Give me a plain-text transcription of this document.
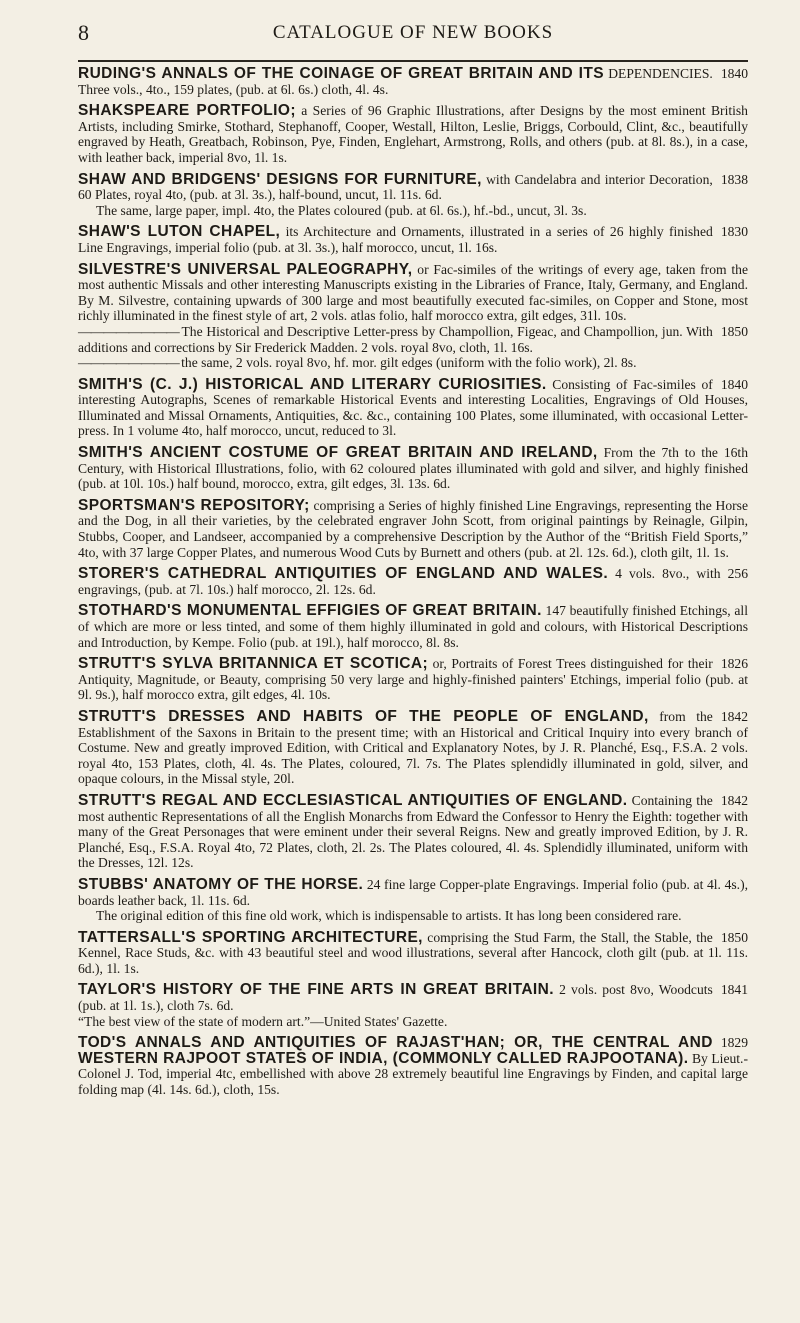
8	CATALOGUE OF NEW BOOKS

1840
RUDING'S ANNALS OF THE COINAGE OF GREAT BRITAIN AND ITS DEPENDENCIES. Three vols., 4to., 159 plates, (pub. at 6l. 6s.) cloth, 4l. 4s.

SHAKSPEARE PORTFOLIO; a Series of 96 Graphic Illustrations, after Designs by the most eminent British Artists, including Smirke, Stothard, Stephanoff, Cooper, Westall, Hilton, Leslie, Briggs, Corbould, Clint, &c., beautifully engraved by Heath, Greatbach, Robinson, Pye, Finden, Englehart, Armstrong, Rolls, and others (pub. at 8l. 8s.), in a case, with leather back, imperial 8vo, 1l. 1s.

1838
SHAW AND BRIDGENS' DESIGNS FOR FURNITURE, with Candelabra and interior Decoration, 60 Plates, royal 4to, (pub. at 3l. 3s.), half-bound, uncut, 1l. 11s. 6d.

The same, large paper, impl. 4to, the Plates coloured (pub. at 6l. 6s.), hf.-bd., uncut, 3l. 3s.

1830
SHAW'S LUTON CHAPEL, its Architecture and Ornaments, illustrated in a series of 26 highly finished Line Engravings, imperial folio (pub. at 3l. 3s.), half morocco, uncut, 1l. 16s.

SILVESTRE'S UNIVERSAL PALEOGRAPHY, or Fac-similes of the writings of every age, taken from the most authentic Missals and other interesting Manuscripts existing in the Libraries of France, Italy, Germany, and England. By M. Silvestre, containing upwards of 300 large and most beautifully executed fac-similes, on Copper and Stone, most richly illuminated in the finest style of art, 2 vols. atlas folio, half morocco extra, gilt edges, 31l. 10s.

————— 1850
The Historical and Descriptive Letter-press by Champollion, Figeac, and Champollion, jun. With additions and corrections by Sir Frederick Madden. 2 vols. royal 8vo, cloth, 1l. 16s.

————— the same, 2 vols. royal 8vo, hf. mor. gilt edges (uniform with the folio work), 2l. 8s.

1840
SMITH'S (C. J.) HISTORICAL AND LITERARY CURIOSITIES. Consisting of Fac-similes of interesting Autographs, Scenes of remarkable Historical Events and interesting Localities, Engravings of Old Houses, Illuminated and Missal Ornaments, Antiquities, &c. &c., containing 100 Plates, some illuminated, with occasional Letter-press. In 1 volume 4to, half morocco, uncut, reduced to 3l.

SMITH'S ANCIENT COSTUME OF GREAT BRITAIN AND IRELAND, From the 7th to the 16th Century, with Historical Illustrations, folio, with 62 coloured plates illuminated with gold and silver, and highly finished (pub. at 10l. 10s.) half bound, morocco, extra, gilt edges, 3l. 13s. 6d.

SPORTSMAN'S REPOSITORY; comprising a Series of highly finished Line Engravings, representing the Horse and the Dog, in all their varieties, by the celebrated engraver John Scott, from original paintings by Reinagle, Gilpin, Stubbs, Cooper, and Landseer, accompanied by a comprehensive Description by the Author of the “British Field Sports,” 4to, with 37 large Copper Plates, and numerous Wood Cuts by Burnett and others (pub. at 2l. 12s. 6d.), cloth gilt, 1l. 1s.

STORER'S CATHEDRAL ANTIQUITIES OF ENGLAND AND WALES. 4 vols. 8vo., with 256 engravings, (pub. at 7l. 10s.) half morocco, 2l. 12s. 6d.

STOTHARD'S MONUMENTAL EFFIGIES OF GREAT BRITAIN. 147 beautifully finished Etchings, all of which are more or less tinted, and some of them highly illuminated in gold and colours, with Historical Descriptions and Introduction, by Kempe. Folio (pub. at 19l.), half morocco, 8l. 8s.

1826
STRUTT'S SYLVA BRITANNICA ET SCOTICA; or, Portraits of Forest Trees distinguished for their Antiquity, Magnitude, or Beauty, comprising 50 very large and highly-finished painters' Etchings, imperial folio (pub. at 9l. 9s.), half morocco extra, gilt edges, 4l. 10s.

1842
STRUTT'S DRESSES AND HABITS OF THE PEOPLE OF ENGLAND, from the Establishment of the Saxons in Britain to the present time; with an Historical and Critical Inquiry into every branch of Costume. New and greatly improved Edition, with Critical and Explanatory Notes, by J. R. Planché, Esq., F.S.A. 2 vols. royal 4to, 153 Plates, cloth, 4l. 4s. The Plates, coloured, 7l. 7s. The Plates splendidly illuminated in gold, silver, and opaque colours, in the Missal style, 20l.

1842
STRUTT'S REGAL AND ECCLESIASTICAL ANTIQUITIES OF ENGLAND. Containing the most authentic Representations of all the English Monarchs from Edward the Confessor to Henry the Eighth: together with many of the Great Personages that were eminent under their several Reigns. New and greatly improved Edition, by J. R. Planché, Esq., F.S.A. Royal 4to, 72 Plates, cloth, 2l. 2s. The Plates coloured, 4l. 4s. Splendidly illuminated, uniform with the Dresses, 12l. 12s.

STUBBS' ANATOMY OF THE HORSE. 24 fine large Copper-plate Engravings. Imperial folio (pub. at 4l. 4s.), boards leather back, 1l. 11s. 6d.

The original edition of this fine old work, which is indispensable to artists. It has long been considered rare.

1850
TATTERSALL'S SPORTING ARCHITECTURE, comprising the Stud Farm, the Stall, the Stable, the Kennel, Race Studs, &c. with 43 beautiful steel and wood illustrations, several after Hancock, cloth gilt (pub. at 1l. 11s. 6d.), 1l. 1s.

1841
TAYLOR'S HISTORY OF THE FINE ARTS IN GREAT BRITAIN. 2 vols. post 8vo, Woodcuts (pub. at 1l. 1s.), cloth 7s. 6d.

“The best view of the state of modern art.”—United States' Gazette.

1829
TOD'S ANNALS AND ANTIQUITIES OF RAJAST'HAN; OR, THE CENTRAL AND WESTERN RAJPOOT STATES OF INDIA, (COMMONLY CALLED RAJPOOTANA). By Lieut.-Colonel J. Tod, imperial 4tc, embellished with above 28 extremely beautiful line Engravings by Finden, and capital large folding map (4l. 14s. 6d.), cloth, 15s.
